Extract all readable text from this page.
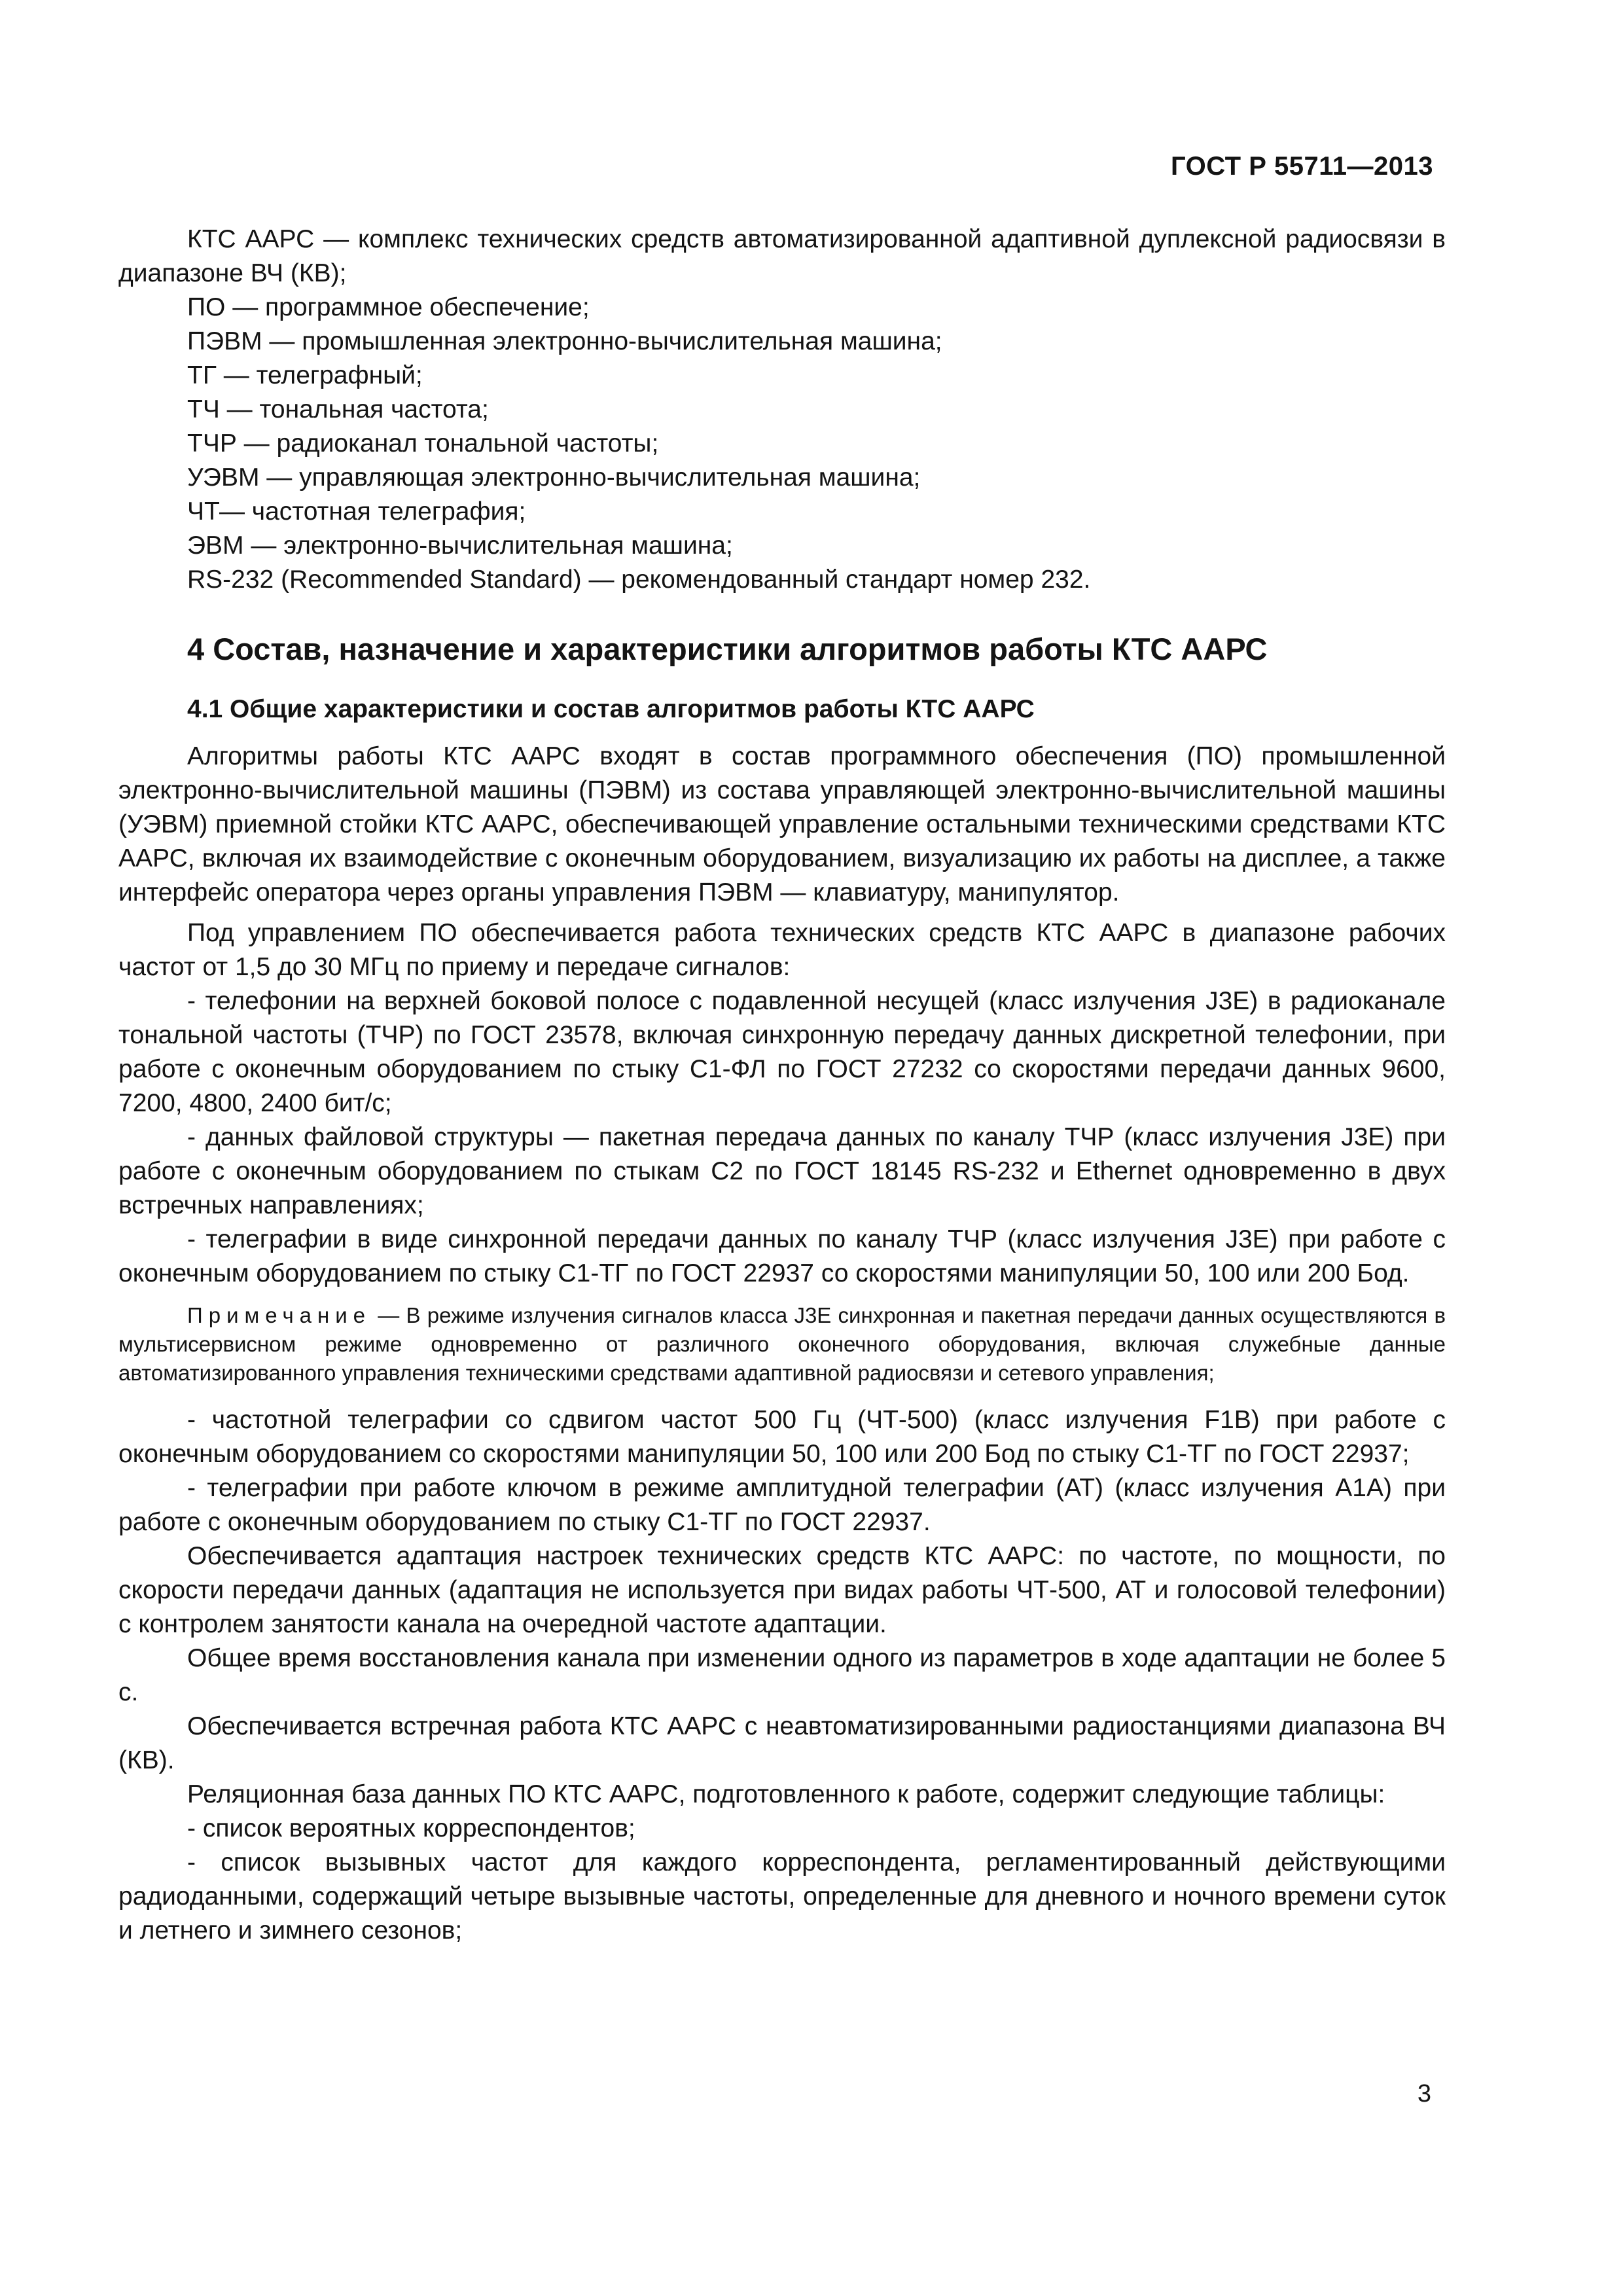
ГОСТ Р 55711—2013

КТС ААРС — комплекс технических средств автоматизированной адаптивной дуплексной радиосвязи в диапазоне ВЧ (КВ);

ПО — программное обеспечение;

ПЭВМ — промышленная электронно-вычислительная машина;

ТГ — телеграфный;

ТЧ — тональная частота;

ТЧР — радиоканал тональной частоты;

УЭВМ — управляющая электронно-вычислительная машина;

ЧТ— частотная телеграфия;

ЭВМ — электронно-вычислительная машина;

RS-232 (Recommended Standard) — рекомендованный стандарт номер 232.

4 Состав, назначение и характеристики алгоритмов работы КТС ААРС

4.1 Общие характеристики и состав алгоритмов работы КТС ААРС

Алгоритмы работы КТС ААРС входят в состав программного обеспечения (ПО) промышленной электронно-вычислительной машины (ПЭВМ) из состава управляющей электронно-вычислительной машины (УЭВМ) приемной стойки КТС ААРС, обеспечивающей управление остальными техническими средствами КТС ААРС, включая их взаимодействие с оконечным оборудованием, визуализацию их работы на дисплее, а также интерфейс оператора через органы управления ПЭВМ — клавиатуру, манипулятор.

Под управлением ПО обеспечивается работа технических средств КТС ААРС в диапазоне рабочих частот от 1,5 до 30 МГц по приему и передаче сигналов:

- телефонии на верхней боковой полосе с подавленной несущей (класс излучения J3E) в радиоканале тональной частоты (ТЧР) по ГОСТ 23578, включая синхронную передачу данных дискретной телефонии, при работе с оконечным оборудованием по стыку С1-ФЛ по ГОСТ 27232 со скоростями передачи данных 9600, 7200, 4800, 2400 бит/с;

- данных файловой структуры — пакетная передача данных по каналу ТЧР (класс излучения J3E) при работе с оконечным оборудованием по стыкам С2 по ГОСТ 18145 RS-232 и Ethernet одновременно в двух встречных направлениях;

- телеграфии в виде синхронной передачи данных по каналу ТЧР (класс излучения J3E) при работе с оконечным оборудованием по стыку С1-ТГ по ГОСТ 22937 со скоростями манипуляции 50, 100 или 200 Бод.

Примечание — В режиме излучения сигналов класса J3E синхронная и пакетная передачи данных осуществляются в мультисервисном режиме одновременно от различного оконечного оборудования, включая служебные данные автоматизированного управления техническими средствами адаптивной радиосвязи и сетевого управления;

- частотной телеграфии со сдвигом частот 500 Гц (ЧТ-500) (класс излучения F1B) при работе с оконечным оборудованием со скоростями манипуляции 50, 100 или 200 Бод по стыку С1-ТГ по ГОСТ 22937;

- телеграфии при работе ключом в режиме амплитудной телеграфии (АТ) (класс излучения А1А) при работе с оконечным оборудованием по стыку С1-ТГ по ГОСТ 22937.

Обеспечивается адаптация настроек технических средств КТС ААРС: по частоте, по мощности, по скорости передачи данных (адаптация не используется при видах работы ЧТ-500, АТ и голосовой телефонии) с контролем занятости канала на очередной частоте адаптации.

Общее время восстановления канала при изменении одного из параметров в ходе адаптации не более 5 с.

Обеспечивается встречная работа КТС ААРС с неавтоматизированными радиостанциями диапазона ВЧ (КВ).

Реляционная база данных ПО КТС ААРС, подготовленного к работе, содержит следующие таблицы:

- список вероятных корреспондентов;

- список вызывных частот для каждого корреспондента, регламентированный действующими радиоданными, содержащий четыре вызывные частоты, определенные для дневного и ночного времени суток и летнего и зимнего сезонов;

3
